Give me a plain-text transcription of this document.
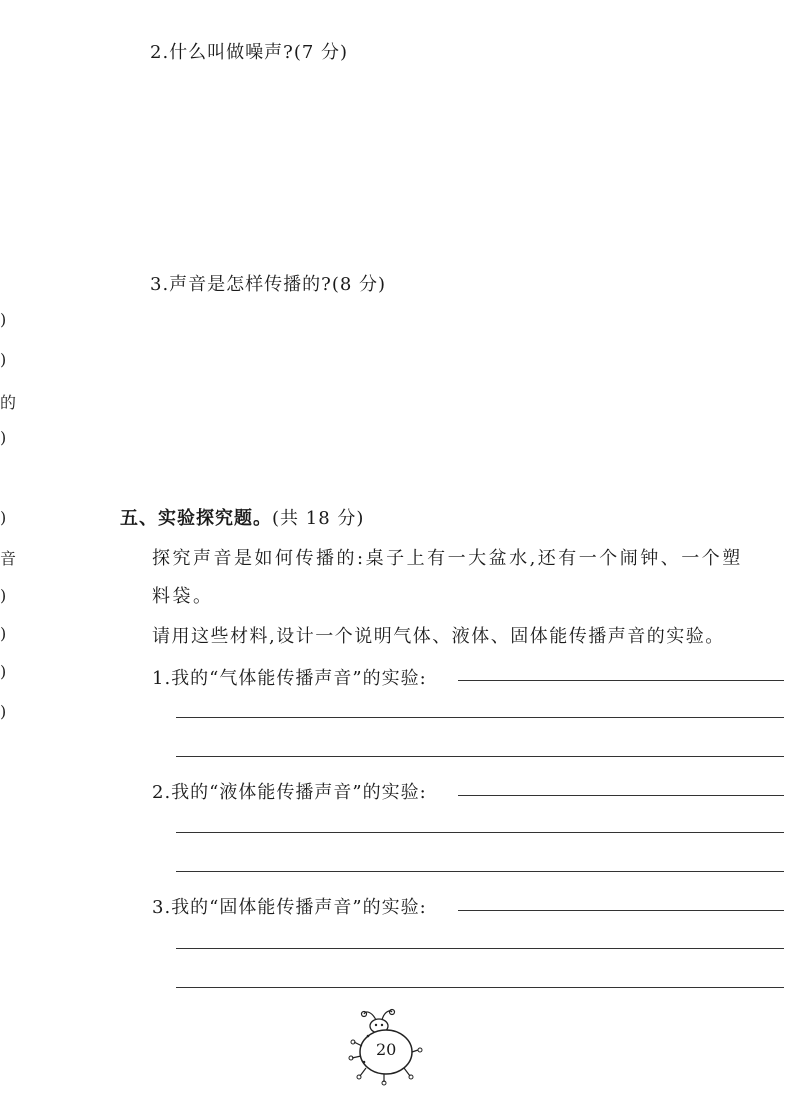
2.什么叫做噪声?(7 分)
3.声音是怎样传播的?(8 分)
)
)
的
)
)
音
)
)
)
)
五、实验探究题。(共 18 分)
探究声音是如何传播的:桌子上有一大盆水,还有一个闹钟、一个塑
料袋。
请用这些材料,设计一个说明气体、液体、固体能传播声音的实验。
1.我的“气体能传播声音”的实验:
2.我的“液体能传播声音”的实验:
3.我的“固体能传播声音”的实验:
20
